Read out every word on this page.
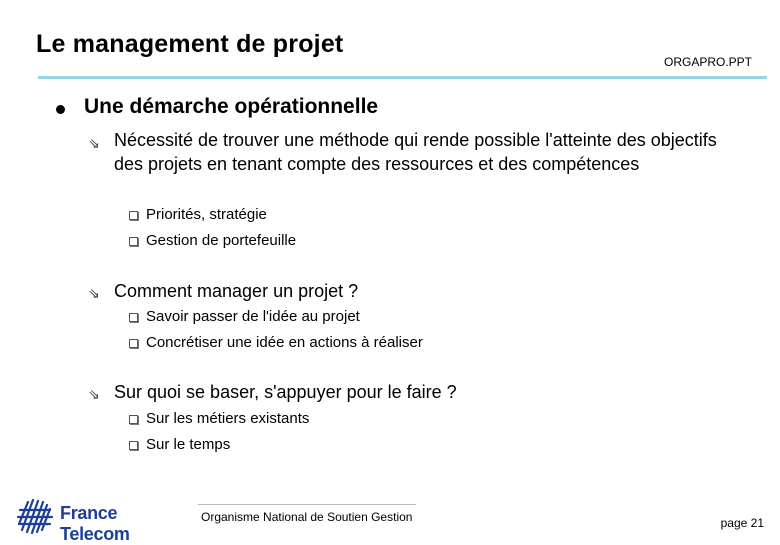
Le management de projet
ORGAPRO.PPT
Une démarche opérationnelle
⇘ Nécessité de trouver une méthode qui rende possible l'atteinte des objectifs des projets en tenant compte des ressources et des compétences
Priorités, stratégie
Gestion de portefeuille
⇘ Comment manager un projet ?
Savoir passer de l'idée au projet
Concrétiser une idée en actions à réaliser
⇘ Sur quoi se baser, s'appuyer pour le faire ?
Sur les métiers existants
Sur le temps
France Telecom
Organisme National de Soutien Gestion	page 21
